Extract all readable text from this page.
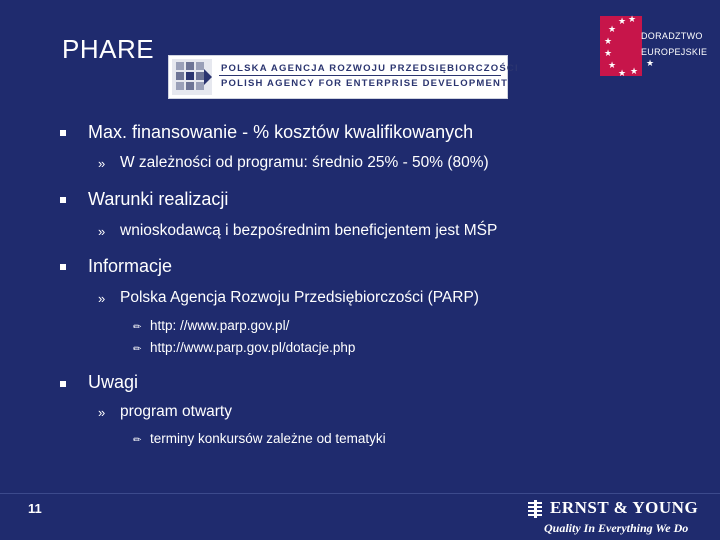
PHARE
POLSKA AGENCJA ROZWOJU PRZEDSIĘBIORCZOŚCI
POLISH AGENCY FOR ENTERPRISE DEVELOPMENT
★ ★
★
★
★
★
★ ★
★
DORADZTWO
EUROPEJSKIE
Max. finansowanie - % kosztów kwalifikowanych
» W zależności od programu: średnio 25% - 50% (80%)
Warunki realizacji
» wnioskodawcą i bezpośrednim beneficjentem jest MŚP
Informacje
» Polska Agencja Rozwoju Przedsiębiorczości (PARP)
✏ http: //www.parp.gov.pl/
✏ http://www.parp.gov.pl/dotacje.php
Uwagi
» program otwarty
✏ terminy konkursów zależne od tematyki
11	ERNST & YOUNG
Quality In Everything We Do
